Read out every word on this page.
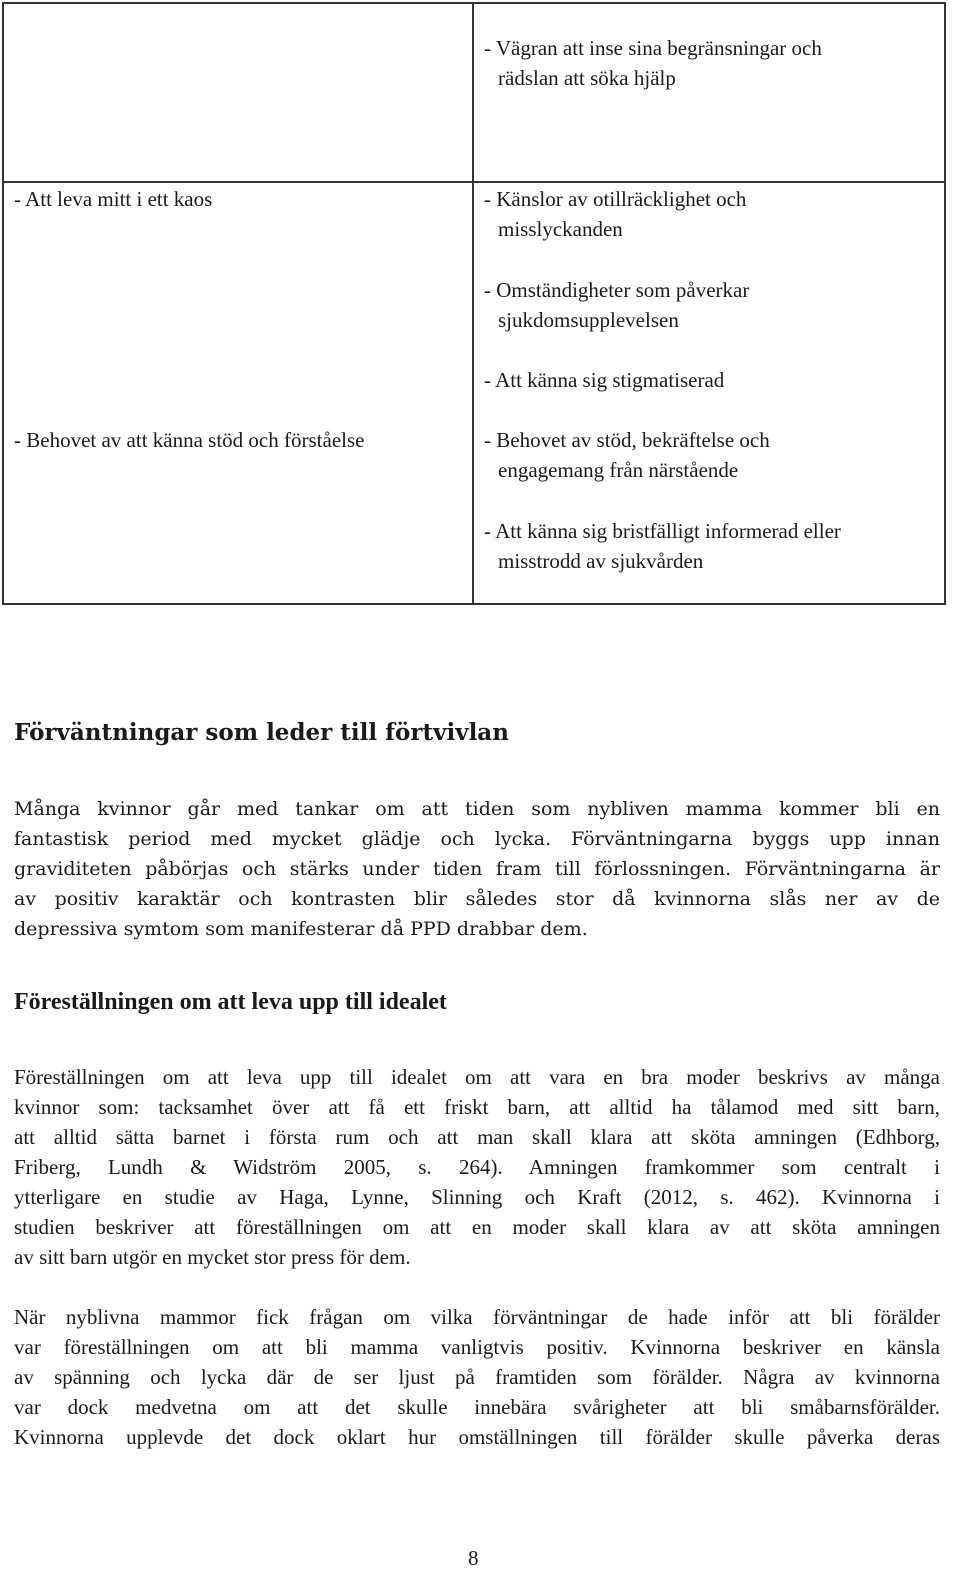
- Vägran att inse sina begränsningar och
rädslan att söka hjälp
- Att leva mitt i ett kaos
- Behovet av att känna stöd och förståelse
- Känslor av otillräcklighet och
misslyckanden
- Omständigheter som påverkar
sjukdomsupplevelsen
- Att känna sig stigmatiserad
- Behovet av stöd, bekräftelse och
engagemang från närstående
- Att känna sig bristfälligt informerad eller
misstrodd av sjukvården
Förväntningar som leder till förtvivlan
Många kvinnor går med tankar om att tiden som nybliven mamma kommer bli en
fantastisk period med mycket glädje och lycka. Förväntningarna byggs upp innan
graviditeten påbörjas och stärks under tiden fram till förlossningen. Förväntningarna är
av positiv karaktär och kontrasten blir således stor då kvinnorna slås ner av de
depressiva symtom som manifesterar då PPD drabbar dem.
Föreställningen om att leva upp till idealet
Föreställningen om att leva upp till idealet om att vara en bra moder beskrivs av många
kvinnor som: tacksamhet över att få ett friskt barn, att alltid ha tålamod med sitt barn,
att alltid sätta barnet i första rum och att man skall klara att sköta amningen (Edhborg,
Friberg, Lundh & Widström 2005, s. 264). Amningen framkommer som centralt i
ytterligare en studie av Haga, Lynne, Slinning och Kraft (2012, s. 462). Kvinnorna i
studien beskriver att föreställningen om att en moder skall klara av att sköta amningen
av sitt barn utgör en mycket stor press för dem.
När nyblivna mammor fick frågan om vilka förväntningar de hade inför att bli förälder
var föreställningen om att bli mamma vanligtvis positiv. Kvinnorna beskriver en känsla
av spänning och lycka där de ser ljust på framtiden som förälder. Några av kvinnorna
var dock medvetna om att det skulle innebära svårigheter att bli småbarnsförälder.
Kvinnorna upplevde det dock oklart hur omställningen till förälder skulle påverka deras
8
